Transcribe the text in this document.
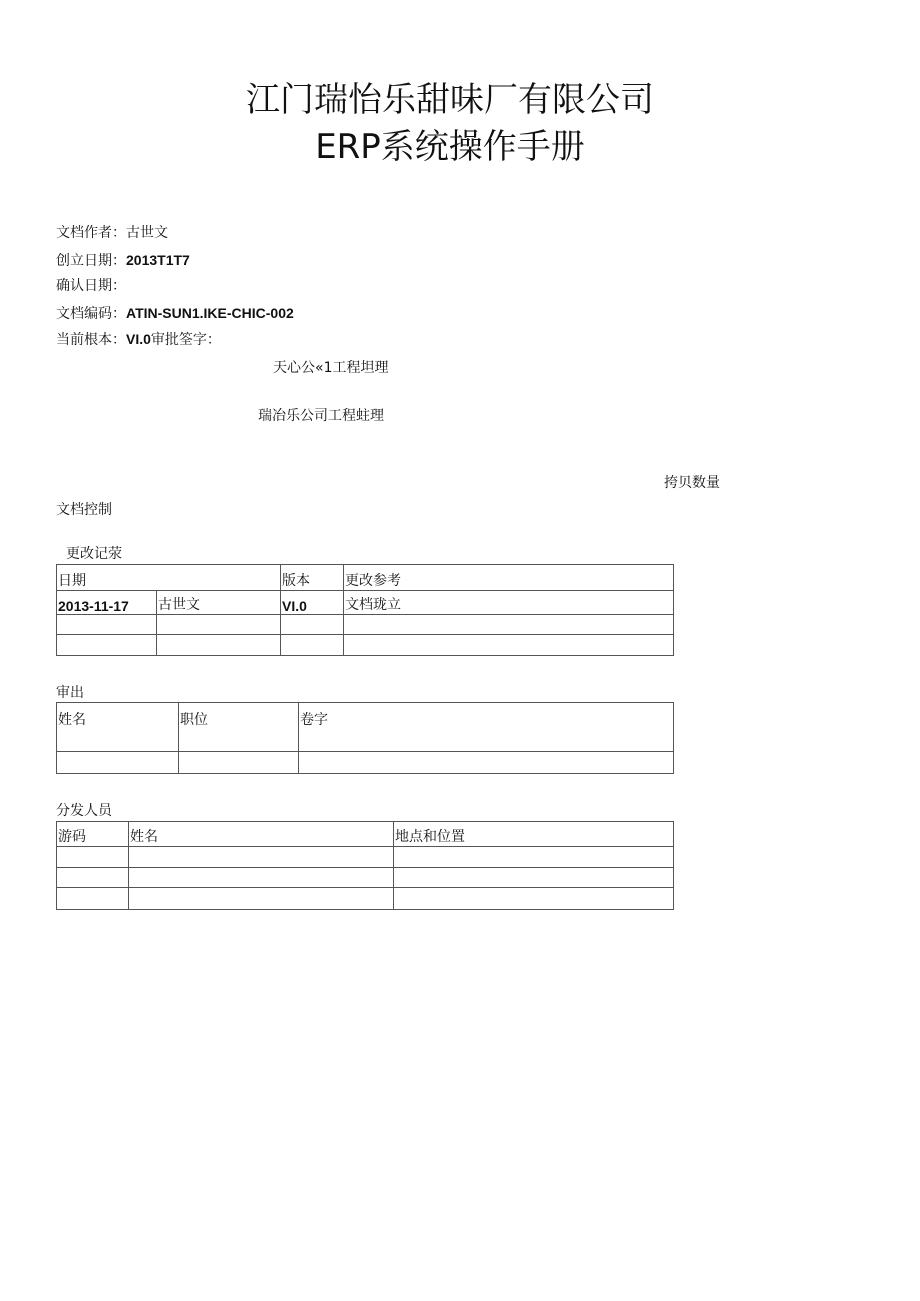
江门瑞怡乐甜味厂有限公司
ERP系统操作手册
文档作者：古世文
创立日期：2013T1T7
确认日期：
文档编码：ATIN-SUN1.IKE-CHIC-002
当前根本：VI.0审批筌字：
天心公«1工程坦理
瑞冶乐公司工程蛀理
挎贝数量
文档控制
更改记荥
日期		版本	更改参考
2013-11-17	古世文	VI.0	文档珑立

审出
姓名	职位	卷字

分发人员
游码	姓名	地点和位置
